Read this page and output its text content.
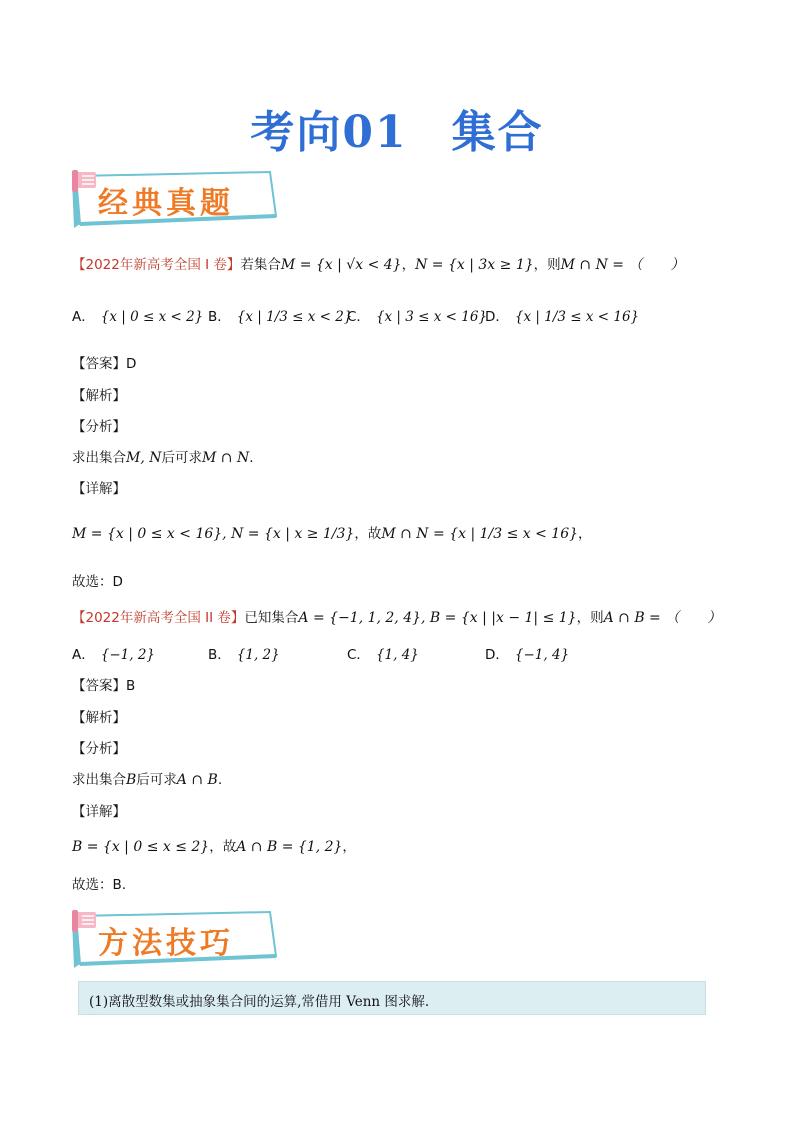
考向01 集合
经典真题
【2022年新高考全国 I 卷】若集合M = {x | √x < 4}，N = {x | 3x ≥ 1}，则M ∩ N = （　　）
A． {x | 0 ≤ x < 2} B． {x | 1/3 ≤ x < 2}
C． {x | 3 ≤ x < 16}
D． {x | 1/3 ≤ x < 16}
【答案】D
【解析】
【分析】
求出集合M, N后可求M ∩ N.
【详解】
M = {x | 0 ≤ x < 16}, N = {x | x ≥ 1/3}，故M ∩ N = {x | 1/3 ≤ x < 16}，
故选：D
【2022年新高考全国 II 卷】已知集合A = {−1, 1, 2, 4}, B = {x | |x − 1| ≤ 1}，则A ∩ B = （　　）
A． {−1, 2}	B． {1, 2}	C． {1, 4}	D． {−1, 4}
【答案】B
【解析】
【分析】
求出集合B后可求A ∩ B.
【详解】
B = {x | 0 ≤ x ≤ 2}，故A ∩ B = {1, 2}，
故选：B.
方法技巧
(1)离散型数集或抽象集合间的运算,常借用 Venn 图求解.
